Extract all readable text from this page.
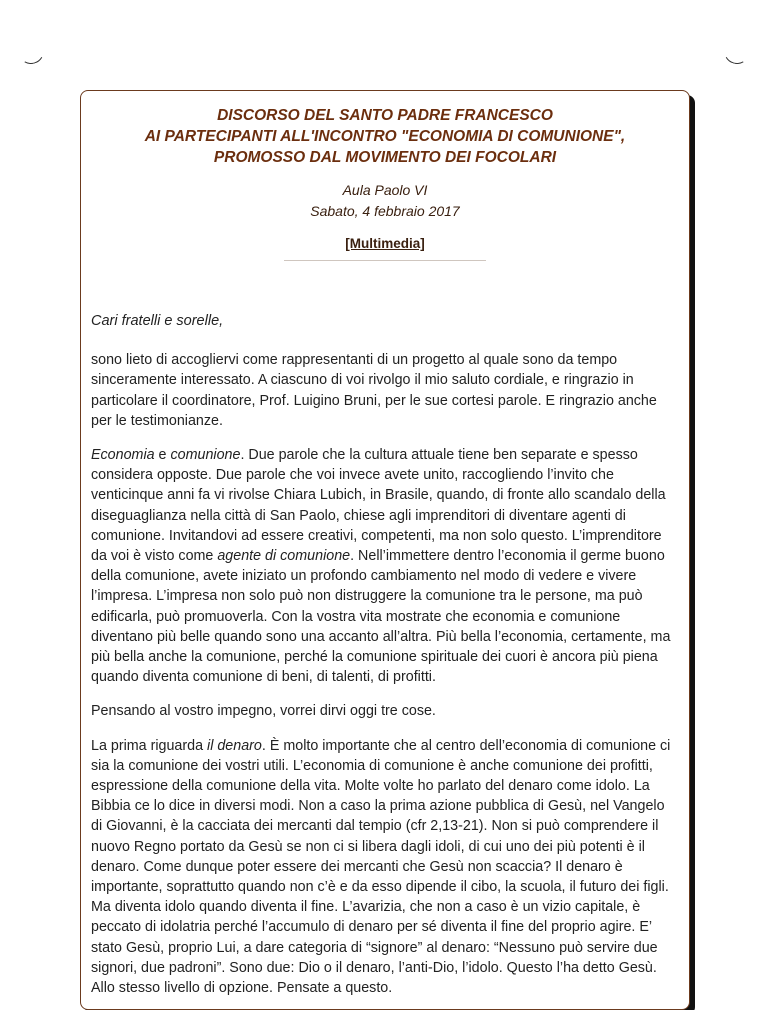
DISCORSO DEL SANTO PADRE FRANCESCO
AI PARTECIPANTI ALL'INCONTRO "ECONOMIA DI COMUNIONE",
PROMOSSO DAL MOVIMENTO DEI FOCOLARI
Aula Paolo VI
Sabato, 4 febbraio 2017
[Multimedia]

Cari fratelli e sorelle,

sono lieto di accogliervi come rappresentanti di un progetto al quale sono da tempo sinceramente interessato. A ciascuno di voi rivolgo il mio saluto cordiale, e ringrazio in particolare il coordinatore, Prof. Luigino Bruni, per le sue cortesi parole. E ringrazio anche per le testimonianze.

Economia e comunione. Due parole che la cultura attuale tiene ben separate e spesso considera opposte. Due parole che voi invece avete unito, raccogliendo l’invito che venticinque anni fa vi rivolse Chiara Lubich, in Brasile, quando, di fronte allo scandalo della diseguaglianza nella città di San Paolo, chiese agli imprenditori di diventare agenti di comunione. Invitandovi ad essere creativi, competenti, ma non solo questo. L’imprenditore da voi è visto come agente di comunione. Nell’immettere dentro l’economia il germe buono della comunione, avete iniziato un profondo cambiamento nel modo di vedere e vivere l’impresa. L’impresa non solo può non distruggere la comunione tra le persone, ma può edificarla, può promuoverla. Con la vostra vita mostrate che economia e comunione diventano più belle quando sono una accanto all’altra. Più bella l’economia, certamente, ma più bella anche la comunione, perché la comunione spirituale dei cuori è ancora più piena quando diventa comunione di beni, di talenti, di profitti.

Pensando al vostro impegno, vorrei dirvi oggi tre cose.

La prima riguarda il denaro. È molto importante che al centro dell’economia di comunione ci sia la comunione dei vostri utili. L’economia di comunione è anche comunione dei profitti, espressione della comunione della vita. Molte volte ho parlato del denaro come idolo. La Bibbia ce lo dice in diversi modi. Non a caso la prima azione pubblica di Gesù, nel Vangelo di Giovanni, è la cacciata dei mercanti dal tempio (cfr 2,13-21). Non si può comprendere il nuovo Regno portato da Gesù se non ci si libera dagli idoli, di cui uno dei più potenti è il denaro. Come dunque poter essere dei mercanti che Gesù non scaccia? Il denaro è importante, soprattutto quando non c’è e da esso dipende il cibo, la scuola, il futuro dei figli. Ma diventa idolo quando diventa il fine. L’avarizia, che non a caso è un vizio capitale, è peccato di idolatria perché l’accumulo di denaro per sé diventa il fine del proprio agire. E’ stato Gesù, proprio Lui, a dare categoria di “signore” al denaro: “Nessuno può servire due signori, due padroni”. Sono due: Dio o il denaro, l’anti-Dio, l’idolo. Questo l’ha detto Gesù. Allo stesso livello di opzione. Pensate a questo.
